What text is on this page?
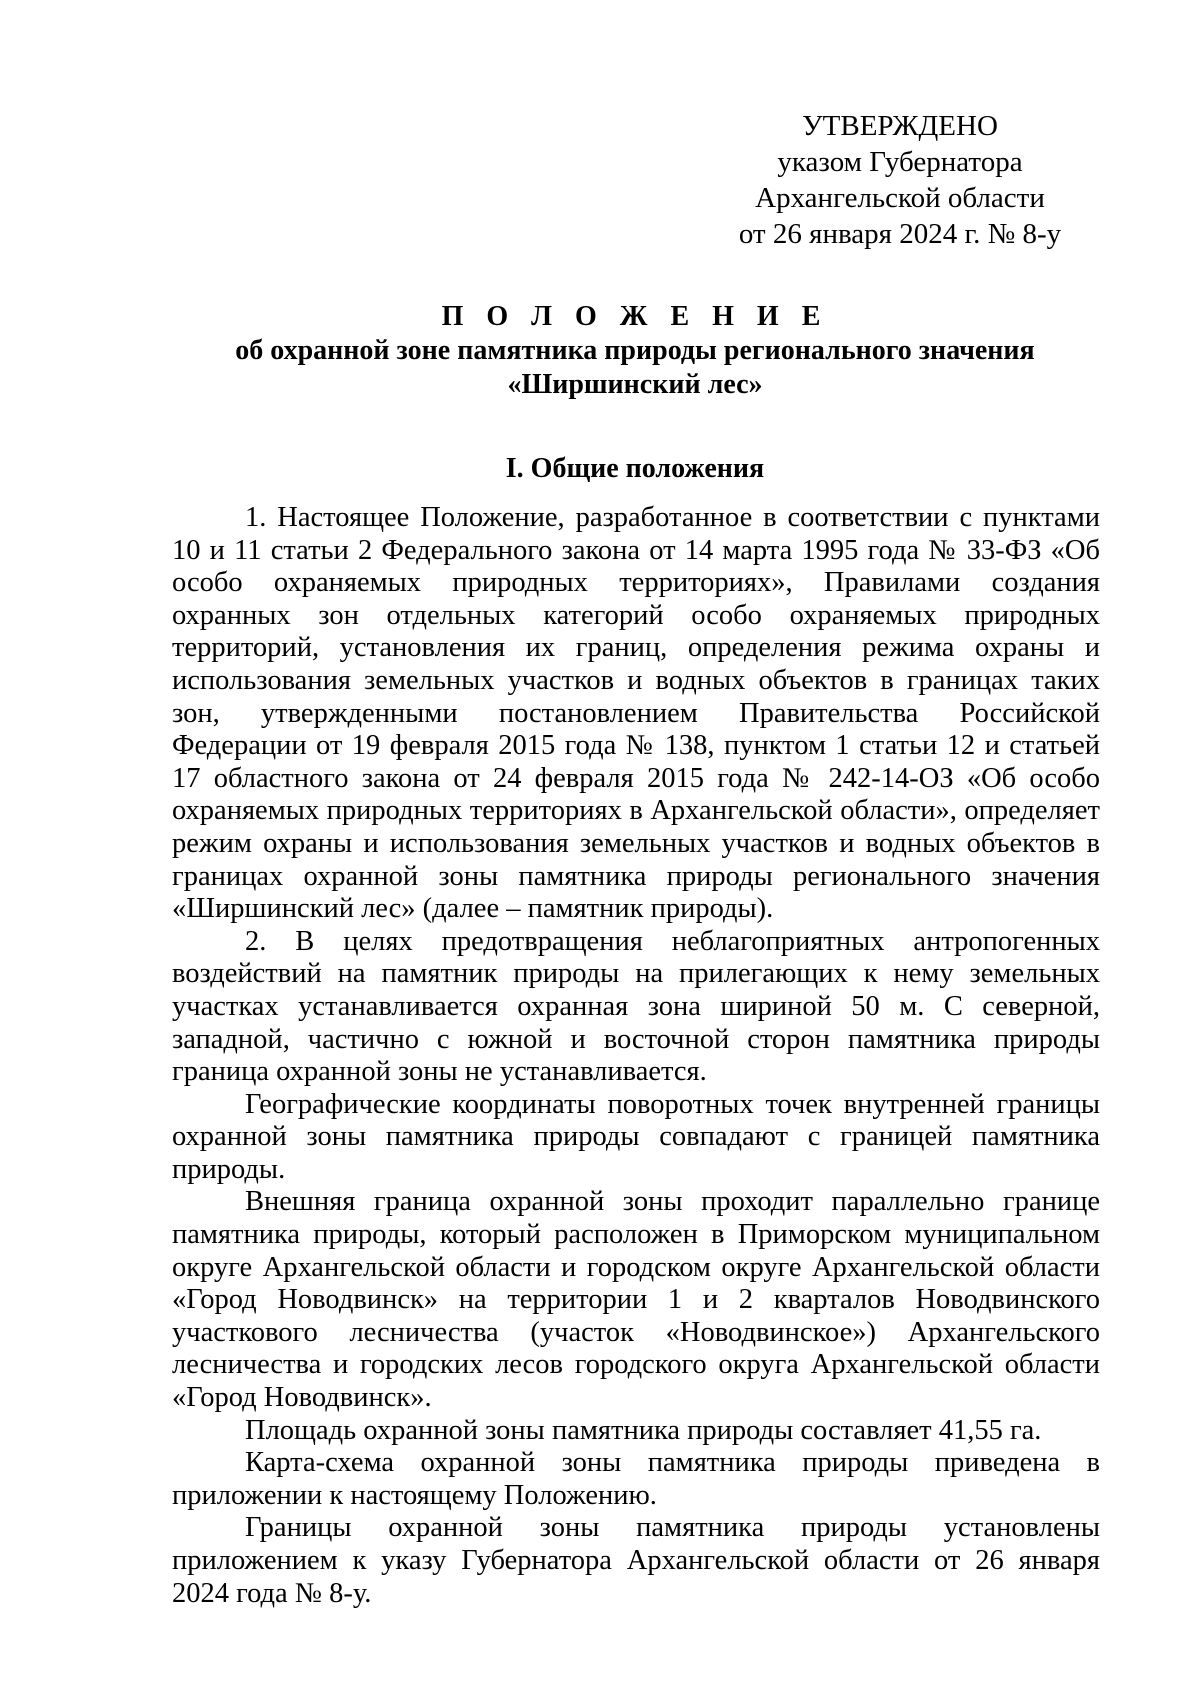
УТВЕРЖДЕНО
указом Губернатора
Архангельской области
от 26 января 2024 г. № 8-у
П О Л О Ж Е Н И Е
об охранной зоне памятника природы регионального значения
«Ширшинский лес»
I. Общие положения

1. Настоящее Положение, разработанное в соответствии с пунктами 10 и 11 статьи 2 Федерального закона от 14 марта 1995 года № 33-ФЗ «Об особо охраняемых природных территориях», Правилами создания охранных зон отдельных категорий особо охраняемых природных территорий, установления их границ, определения режима охраны и использования земельных участков и водных объектов в границах таких зон, утвержденными постановлением Правительства Российской Федерации от 19 февраля 2015 года № 138, пунктом 1 статьи 12 и статьей 17 областного закона от 24 февраля 2015 года № 242-14-ОЗ «Об особо охраняемых природных территориях в Архангельской области», определяет режим охраны и использования земельных участков и водных объектов в границах охранной зоны памятника природы регионального значения «Ширшинский лес» (далее – памятник природы).

2. В целях предотвращения неблагоприятных антропогенных воздействий на памятник природы на прилегающих к нему земельных участках устанавливается охранная зона шириной 50 м. С северной, западной, частично с южной и восточной сторон памятника природы граница охранной зоны не устанавливается.

Географические координаты поворотных точек внутренней границы охранной зоны памятника природы совпадают с границей памятника природы.

Внешняя граница охранной зоны проходит параллельно границе памятника природы, который расположен в Приморском муниципальном округе Архангельской области и городском округе Архангельской области «Город Новодвинск» на территории 1 и 2 кварталов Новодвинского участкового лесничества (участок «Новодвинское») Архангельского лесничества и городских лесов городского округа Архангельской области «Город Новодвинск».

Площадь охранной зоны памятника природы составляет 41,55 га.

Карта-схема охранной зоны памятника природы приведена в приложении к настоящему Положению.

Границы охранной зоны памятника природы установлены приложением к указу Губернатора Архангельской области от 26 января 2024 года № 8-у.
